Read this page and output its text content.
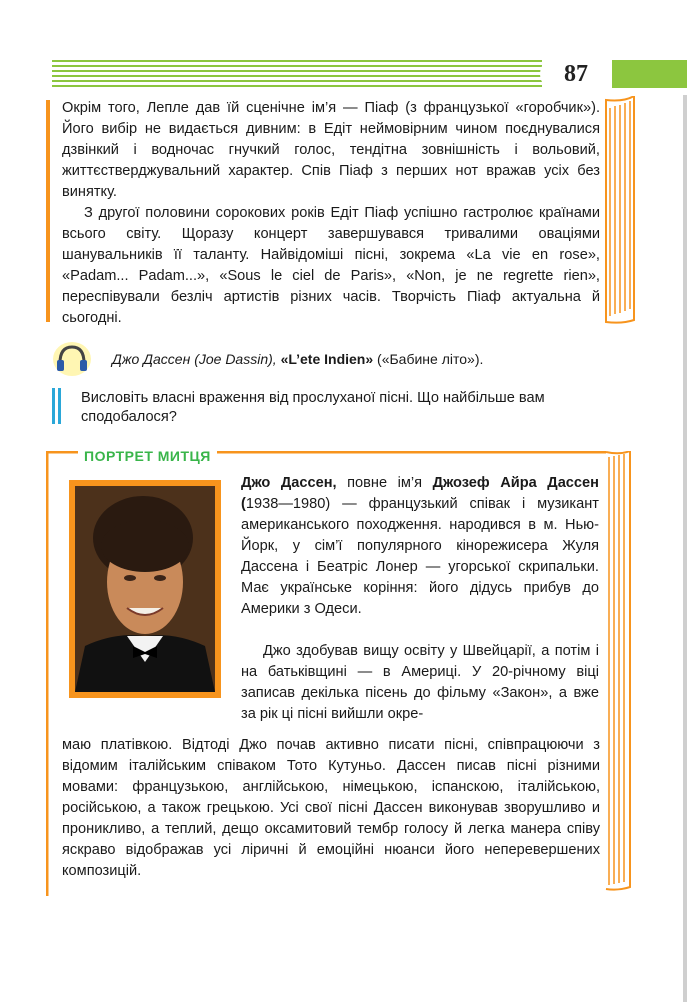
87

Окрім того, Лепле дав їй сценічне ім’я — Піаф (з французької «горобчик»). Його вибір не видається дивним: в Едіт неймовірним чином поєднувалися дзвінкий і водночас гнучкий голос, тендітна зовнішність і вольовий, життєстверджувальний характер. Спів Піаф з перших нот вражав усіх без винятку.

З другої половини сорокових років Едіт Піаф успішно гастролює країнами всього світу. Щоразу концерт завершувався тривалими оваціями шанувальників її таланту. Найвідоміші пісні, зокрема «La vie en rose», «Padam... Padam...», «Sous le ciel de Paris», «Non, je ne regrette rien», переспівували безліч артистів різних часів. Творчість Піаф актуальна й сьогодні.

Джо Дассен (Joe Dassin), «L’ete Indien» («Бабине літо»).

Висловіть власні враження від прослуханої пісні. Що найбільше вам сподобалося?

ПОРТРЕТ МИТЦЯ

Джо Дассен, повне ім’я Джозеф Айра Дассен (1938—1980) — французький співак і музикант американського походження. народився в м. Нью-Йорк, у сім’ї популярного кінорежисера Жуля Дассена і Беатріс Лонер — угорської скрипальки. Має українське коріння: його дідусь прибув до Америки з Одеси.

Джо здобував вищу освіту у Швейцарії, а потім і на батьківщині — в Америці. У 20-річному віці записав декілька пісень до фільму «Закон», а вже за рік ці пісні вийшли окре-

маю платівкою. Відтоді Джо почав активно писати пісні, співпрацюючи з відомим італійським співаком Тото Кутуньо. Дассен писав пісні різними мовами: французькою, англійською, німецькою, іспанскою, італійською, російською, а також грецькою. Усі свої пісні Дассен виконував зворушливо и проникливо, а теплий, дещо оксамитовий тембр голосу й легка манера співу яскраво відображав усі ліричні й емоційні нюанси його неперевершених композицій.
